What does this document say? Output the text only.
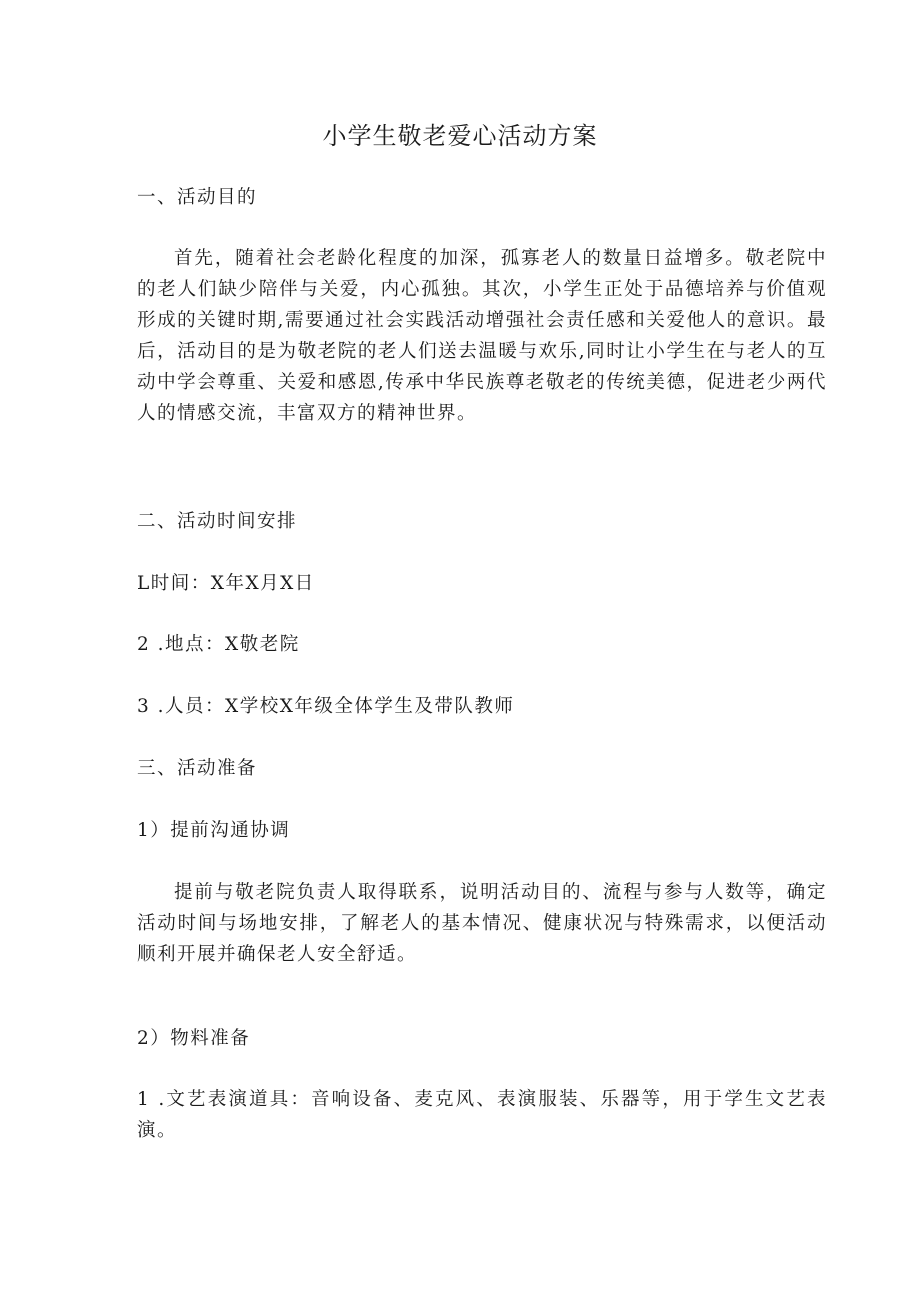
小学生敬老爱心活动方案
一、活动目的
首先，随着社会老龄化程度的加深，孤寡老人的数量日益增多。敬老院中的老人们缺少陪伴与关爱，内心孤独。其次，小学生正处于品德培养与价值观形成的关键时期,需要通过社会实践活动增强社会责任感和关爱他人的意识。最后，活动目的是为敬老院的老人们送去温暖与欢乐,同时让小学生在与老人的互动中学会尊重、关爱和感恩,传承中华民族尊老敬老的传统美德，促进老少两代人的情感交流，丰富双方的精神世界。
二、活动时间安排
L时间：X年X月X日
2 .地点：X敬老院
3 .人员：X学校X年级全体学生及带队教师
三、活动准备
1）提前沟通协调
提前与敬老院负责人取得联系，说明活动目的、流程与参与人数等，确定活动时间与场地安排，了解老人的基本情况、健康状况与特殊需求，以便活动顺利开展并确保老人安全舒适。
2）物料准备
1 .文艺表演道具：音响设备、麦克风、表演服装、乐器等，用于学生文艺表演。
